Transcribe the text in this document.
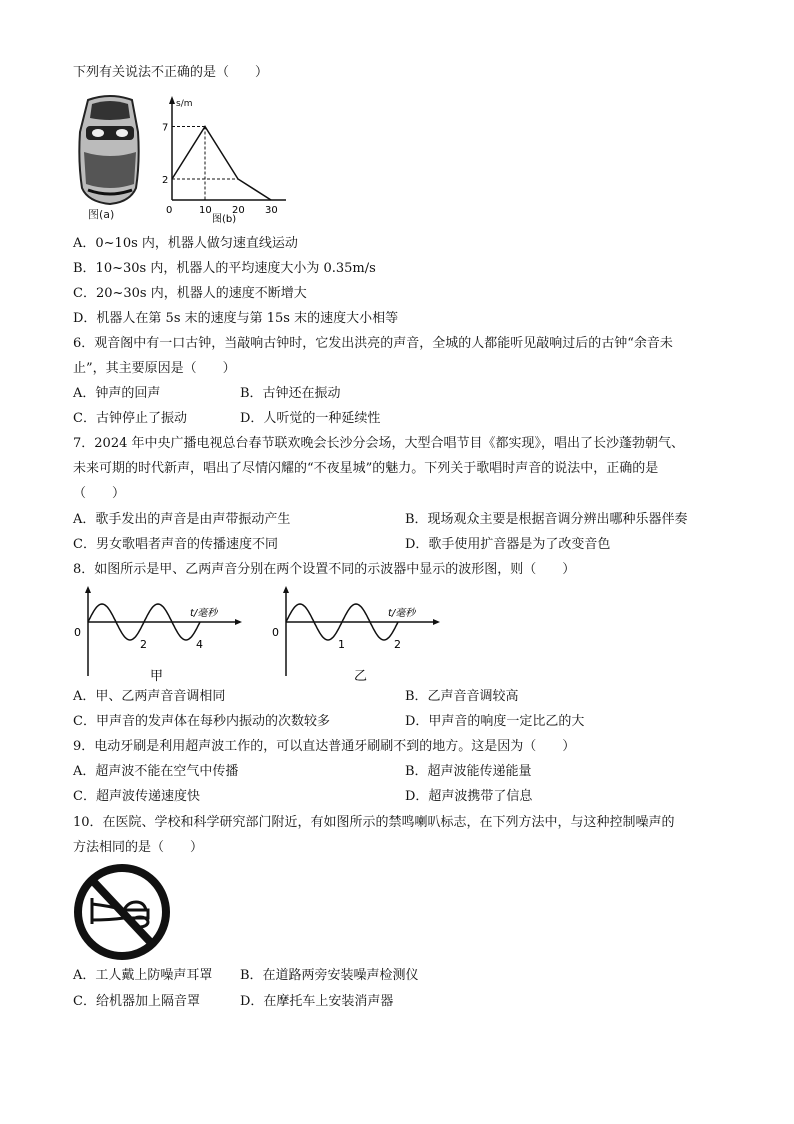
下列有关说法不正确的是（　　）
图(a)
s/m
7
2
0	10 20 30
图(b)
A．0~10s 内，机器人做匀速直线运动
B．10~30s 内，机器人的平均速度大小为 0.35m/s
C．20~30s 内，机器人的速度不断增大
D．机器人在第 5s 末的速度与第 15s 末的速度大小相等
6．观音阁中有一口古钟，当敲响古钟时，它发出洪亮的声音，全城的人都能听见敲响过后的古钟“余音未
止”，其主要原因是（　　）
A．钟声的回声	B．古钟还在振动
C．古钟停止了振动	D．人听觉的一种延续性
7．2024 年中央广播电视总台春节联欢晚会长沙分会场，大型合唱节目《都实现》，唱出了长沙蓬勃朝气、
未来可期的时代新声，唱出了尽情闪耀的“不夜星城”的魅力。下列关于歌唱时声音的说法中，正确的是
（　　）
A．歌手发出的声音是由声带振动产生	B．现场观众主要是根据音调分辨出哪种乐器伴奏
C．男女歌唱者声音的传播速度不同	D．歌手使用扩音器是为了改变音色
8．如图所示是甲、乙两声音分别在两个设置不同的示波器中显示的波形图，则（　　）
0
2	4
t/毫秒
甲
0
1	2
t/毫秒
乙
A．甲、乙两声音音调相同	B．乙声音音调较高
C．甲声音的发声体在每秒内振动的次数较多	D．甲声音的响度一定比乙的大
9．电动牙刷是利用超声波工作的，可以直达普通牙刷刷不到的地方。这是因为（　　）
A．超声波不能在空气中传播	B．超声波能传递能量
C．超声波传递速度快	D．超声波携带了信息
10．在医院、学校和科学研究部门附近，有如图所示的禁鸣喇叭标志，在下列方法中，与这种控制噪声的
方法相同的是（　　）
A．工人戴上防噪声耳罩 B．在道路两旁安装噪声检测仪
C．给机器加上隔音罩	D．在摩托车上安装消声器
